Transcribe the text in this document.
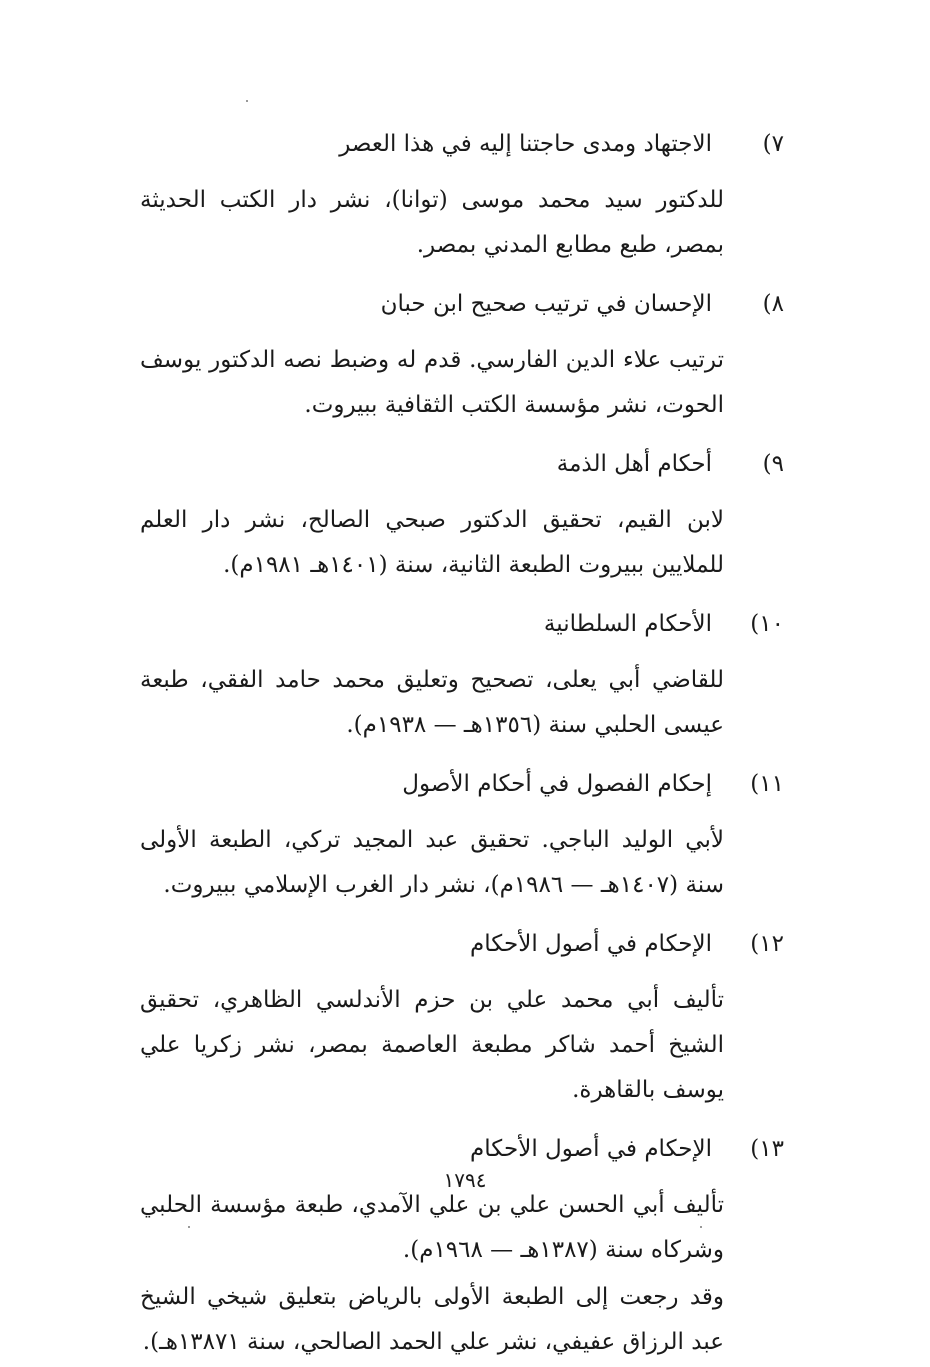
٧)
الاجتهاد ومدى حاجتنا إليه في هذا العصر

للدكتور سيد محمد موسى (توانا)، نشر دار الكتب الحديثة بمصر، طبع مطابع المدني بمصر.

٨)
الإحسان في ترتيب صحيح ابن حبان

ترتيب علاء الدين الفارسي. قدم له وضبط نصه الدكتور يوسف الحوت، نشر مؤسسة الكتب الثقافية ببيروت.

٩)
أحكام أهل الذمة

لابن القيم، تحقيق الدكتور صبحي الصالح، نشر دار العلم للملايين ببيروت الطبعة الثانية، سنة (١٤٠١هـ ١٩٨١م).

١٠)
الأحكام السلطانية

للقاضي أبي يعلى، تصحيح وتعليق محمد حامد الفقي، طبعة عيسى الحلبي سنة (١٣٥٦هـ — ١٩٣٨م).

١١)
إحكام الفصول في أحكام الأصول

لأبي الوليد الباجي. تحقيق عبد المجيد تركي، الطبعة الأولى سنة (١٤٠٧هـ — ١٩٨٦م)، نشر دار الغرب الإسلامي ببيروت.

١٢)
الإحكام في أصول الأحكام

تأليف أبي محمد علي بن حزم الأندلسي الظاهري، تحقيق الشيخ أحمد شاكر مطبعة العاصمة بمصر، نشر زكريا علي يوسف بالقاهرة.

١٣)
الإحكام في أصول الأحكام

تأليف أبي الحسن علي بن علي الآمدي، طبعة مؤسسة الحلبي وشركاه سنة (١٣٨٧هـ — ١٩٦٨م).

وقد رجعت إلى الطبعة الأولى بالرياض بتعليق شيخي الشيخ عبد الرزاق عفيفي، نشر علي الحمد الصالحي، سنة ١٣٨٧١هـ).

١٧٩٤
